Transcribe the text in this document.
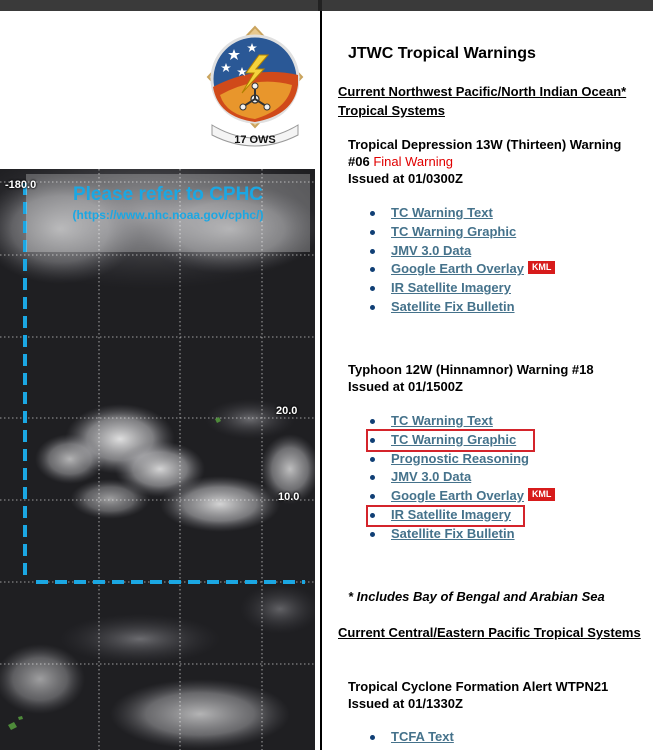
17 OWS
Please refer to CPHC
(https://www.nhc.noaa.gov/cphc/)
-180.0
20.0
10.0
JTWC Tropical Warnings
Current Northwest Pacific/North Indian Ocean* Tropical Systems
Tropical Depression 13W (Thirteen) Warning
#06 Final Warning
Issued at 01/0300Z
TC Warning Text
TC Warning Graphic
JMV 3.0 Data
Google Earth Overlay KML
IR Satellite Imagery
Satellite Fix Bulletin
Typhoon 12W (Hinnamnor) Warning #18
Issued at 01/1500Z
TC Warning Text
TC Warning Graphic
Prognostic Reasoning
JMV 3.0 Data
Google Earth Overlay KML
IR Satellite Imagery
Satellite Fix Bulletin
* Includes Bay of Bengal and Arabian Sea
Current Central/Eastern Pacific Tropical Systems
Tropical Cyclone Formation Alert WTPN21
Issued at 01/1330Z
TCFA Text
